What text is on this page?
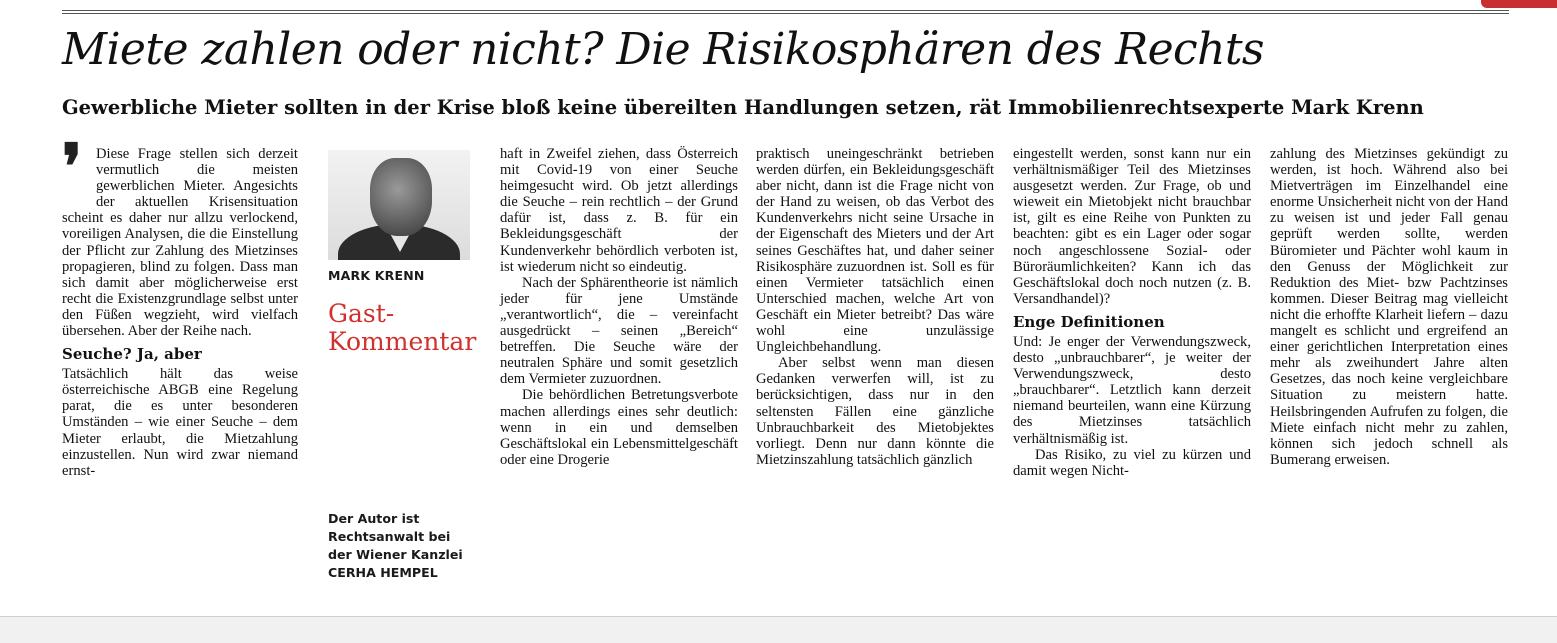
Miete zahlen oder nicht? Die Risikosphären des Rechts
Gewerbliche Mieter sollten in der Krise bloß keine übereilten Handlungen setzen, rät Immobilienrechtsexperte Mark Krenn
❜ Diese Frage stellen sich derzeit vermutlich die meisten gewerblichen Mieter. Angesichts der aktuellen Krisensituation scheint es daher nur allzu verlockend, voreiligen Analysen, die die Einstellung der Pflicht zur Zahlung des Mietzinses propagieren, blind zu folgen. Dass man sich damit aber möglicherweise erst recht die Existenzgrundlage selbst unter den Füßen wegzieht, wird vielfach übersehen. Aber der Reihe nach.

Seuche? Ja, aber

Tatsächlich hält das weise österreichische ABGB eine Regelung parat, die es unter besonderen Umständen – wie einer Seuche – dem Mieter erlaubt, die Mietzahlung einzustellen. Nun wird zwar niemand ernst-

MARK KRENN
Gast-
Kommentar
Der Autor ist
Rechtsanwalt bei
der Wiener Kanzlei
CERHA HEMPEL

haft in Zweifel ziehen, dass Österreich mit Covid-19 von einer Seuche heimgesucht wird. Ob jetzt allerdings die Seuche – rein rechtlich – der Grund dafür ist, dass z. B. für ein Bekleidungsgeschäft der Kundenverkehr behördlich verboten ist, ist wiederum nicht so eindeutig.

Nach der Sphärentheorie ist nämlich jeder für jene Umstände „verantwortlich“, die – vereinfacht ausgedrückt – seinen „Bereich“ betreffen. Die Seuche wäre der neutralen Sphäre und somit gesetzlich dem Vermieter zuzuordnen.

Die behördlichen Betretungsverbote machen allerdings eines sehr deutlich: wenn in ein und demselben Geschäftslokal ein Lebensmittelgeschäft oder eine Drogerie

praktisch uneingeschränkt betrieben werden dürfen, ein Bekleidungsgeschäft aber nicht, dann ist die Frage nicht von der Hand zu weisen, ob das Verbot des Kundenverkehrs nicht seine Ursache in der Eigenschaft des Mieters und der Art seines Geschäftes hat, und daher seiner Risikosphäre zuzuordnen ist. Soll es für einen Vermieter tatsächlich einen Unterschied machen, welche Art von Geschäft ein Mieter betreibt? Das wäre wohl eine unzulässige Ungleichbehandlung.

Aber selbst wenn man diesen Gedanken verwerfen will, ist zu berücksichtigen, dass nur in den seltensten Fällen eine gänzliche Unbrauchbarkeit des Mietobjektes vorliegt. Denn nur dann könnte die Mietzinszahlung tatsächlich gänzlich

eingestellt werden, sonst kann nur ein verhältnismäßiger Teil des Mietzinses ausgesetzt werden. Zur Frage, ob und wieweit ein Mietobjekt nicht brauchbar ist, gilt es eine Reihe von Punkten zu beachten: gibt es ein Lager oder sogar noch angeschlossene Sozial- oder Büroräumlichkeiten? Kann ich das Geschäftslokal doch noch nutzen (z. B. Versandhandel)?

Enge Definitionen

Und: Je enger der Verwendungszweck, desto „unbrauchbarer“, je weiter der Verwendungszweck, desto „brauchbarer“. Letztlich kann derzeit niemand beurteilen, wann eine Kürzung des Mietzinses tatsächlich verhältnismäßig ist.

Das Risiko, zu viel zu kürzen und damit wegen Nicht-

zahlung des Mietzinses gekündigt zu werden, ist hoch. Während also bei Mietverträgen im Einzelhandel eine enorme Unsicherheit nicht von der Hand zu weisen ist und jeder Fall genau geprüft werden sollte, werden Büromieter und Pächter wohl kaum in den Genuss der Möglichkeit zur Reduktion des Miet- bzw Pachtzinses kommen. Dieser Beitrag mag vielleicht nicht die erhoffte Klarheit liefern – dazu mangelt es schlicht und ergreifend an einer gerichtlichen Interpretation eines mehr als zweihundert Jahre alten Gesetzes, das noch keine vergleichbare Situation zu meistern hatte. Heilsbringenden Aufrufen zu folgen, die Miete einfach nicht mehr zu zahlen, können sich jedoch schnell als Bumerang erweisen.
